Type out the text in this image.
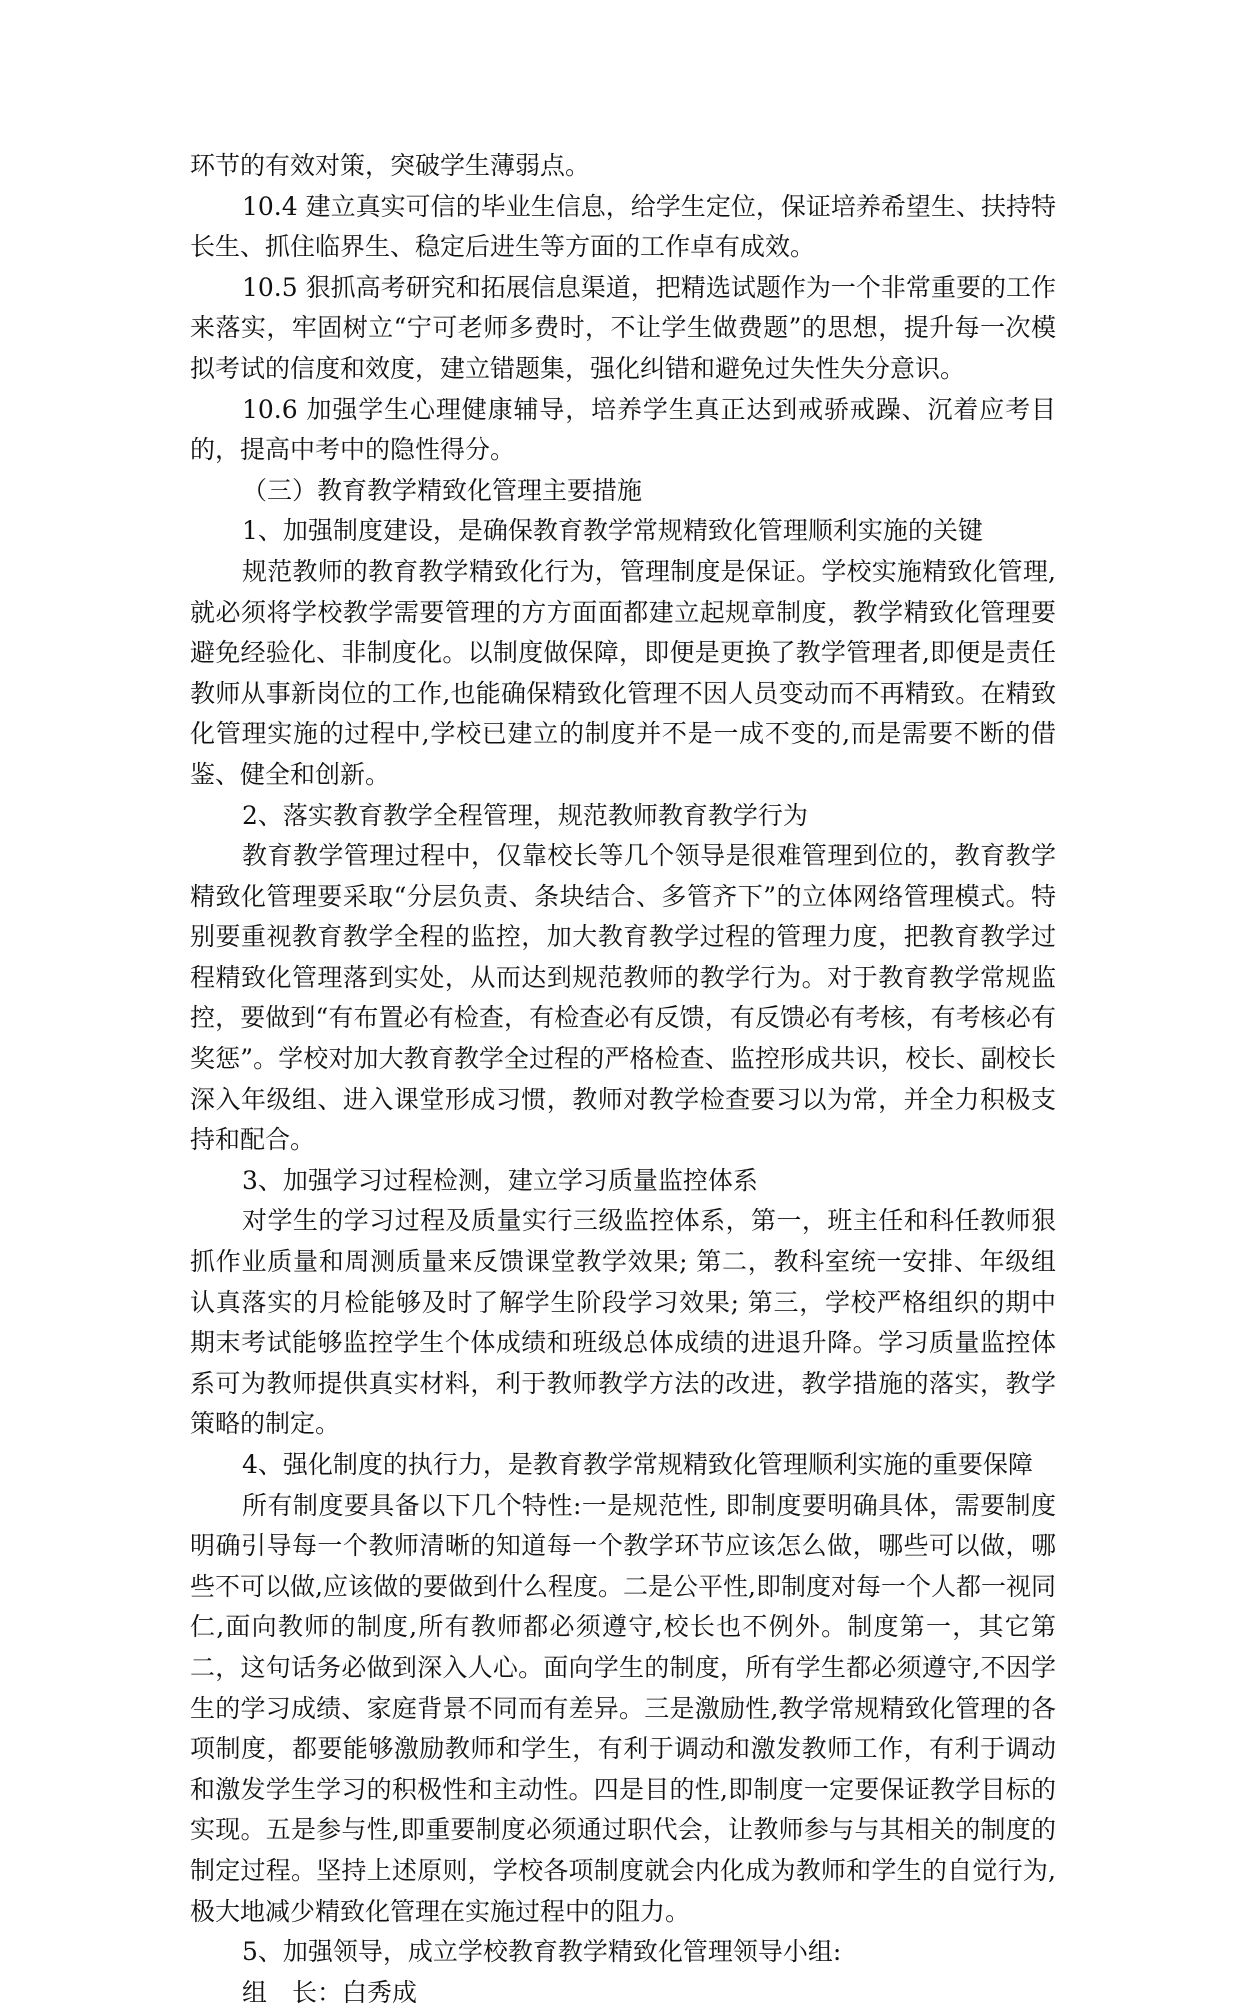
环节的有效对策，突破学生薄弱点。

10.4 建立真实可信的毕业生信息，给学生定位，保证培养希望生、扶持特长生、抓住临界生、稳定后进生等方面的工作卓有成效。

10.5 狠抓高考研究和拓展信息渠道，把精选试题作为一个非常重要的工作来落实，牢固树立“宁可老师多费时，不让学生做费题”的思想，提升每一次模拟考试的信度和效度，建立错题集，强化纠错和避免过失性失分意识。

10.6 加强学生心理健康辅导，培养学生真正达到戒骄戒躁、沉着应考目的，提高中考中的隐性得分。

（三）教育教学精致化管理主要措施

1、加强制度建设，是确保教育教学常规精致化管理顺利实施的关键

规范教师的教育教学精致化行为，管理制度是保证。学校实施精致化管理,就必须将学校教学需要管理的方方面面都建立起规章制度，教学精致化管理要避免经验化、非制度化。以制度做保障，即便是更换了教学管理者,即便是责任教师从事新岗位的工作,也能确保精致化管理不因人员变动而不再精致。在精致化管理实施的过程中,学校已建立的制度并不是一成不变的,而是需要不断的借鉴、健全和创新。

2、落实教育教学全程管理，规范教师教育教学行为

教育教学管理过程中，仅靠校长等几个领导是很难管理到位的，教育教学精致化管理要采取“分层负责、条块结合、多管齐下”的立体网络管理模式。特别要重视教育教学全程的监控，加大教育教学过程的管理力度，把教育教学过程精致化管理落到实处，从而达到规范教师的教学行为。对于教育教学常规监控，要做到“有布置必有检查，有检查必有反馈，有反馈必有考核，有考核必有奖惩”。学校对加大教育教学全过程的严格检查、监控形成共识，校长、副校长深入年级组、进入课堂形成习惯，教师对教学检查要习以为常，并全力积极支持和配合。

3、加强学习过程检测，建立学习质量监控体系

对学生的学习过程及质量实行三级监控体系，第一，班主任和科任教师狠抓作业质量和周测质量来反馈课堂教学效果; 第二，教科室统一安排、年级组认真落实的月检能够及时了解学生阶段学习效果; 第三，学校严格组织的期中期末考试能够监控学生个体成绩和班级总体成绩的进退升降。学习质量监控体系可为教师提供真实材料，利于教师教学方法的改进，教学措施的落实，教学策略的制定。

4、强化制度的执行力，是教育教学常规精致化管理顺利实施的重要保障

所有制度要具备以下几个特性:一是规范性, 即制度要明确具体，需要制度明确引导每一个教师清晰的知道每一个教学环节应该怎么做，哪些可以做，哪些不可以做,应该做的要做到什么程度。二是公平性,即制度对每一个人都一视同仁,面向教师的制度,所有教师都必须遵守,校长也不例外。制度第一，其它第二，这句话务必做到深入人心。面向学生的制度，所有学生都必须遵守,不因学生的学习成绩、家庭背景不同而有差异。三是激励性,教学常规精致化管理的各项制度，都要能够激励教师和学生，有利于调动和激发教师工作，有利于调动和激发学生学习的积极性和主动性。四是目的性,即制度一定要保证教学目标的实现。五是参与性,即重要制度必须通过职代会，让教师参与与其相关的制度的制定过程。坚持上述原则，学校各项制度就会内化成为教师和学生的自觉行为,极大地减少精致化管理在实施过程中的阻力。

5、加强领导，成立学校教育教学精致化管理领导小组:

组　长：白秀成
